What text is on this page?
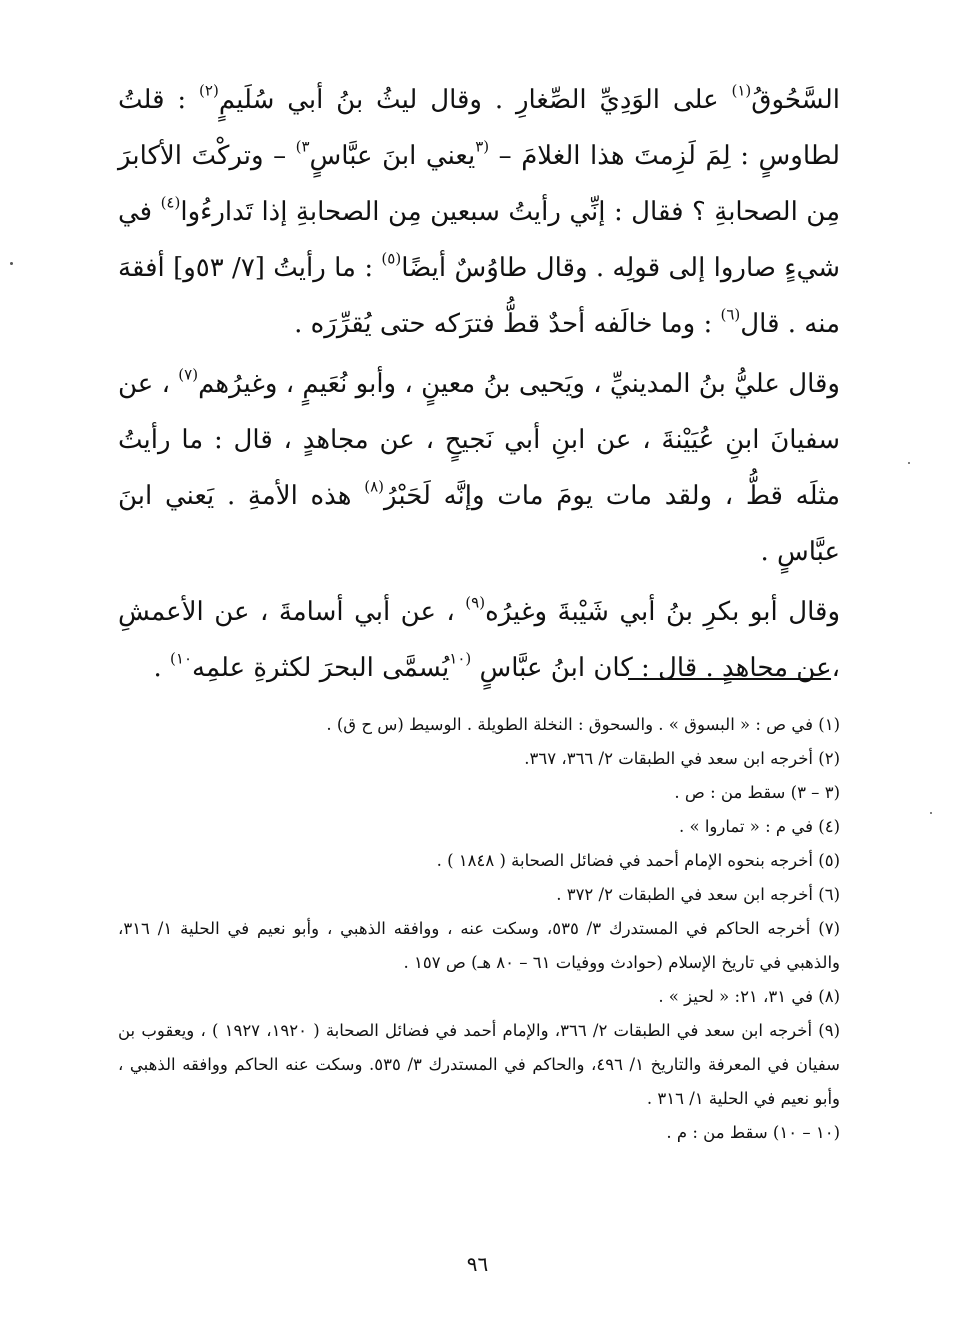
السَّحُوقُ$^{(١)}$ على الوَدِيِّ الصِّغارِ . وقال ليثُ بنُ أبي سُلَيمٍ$^{(٢)}$ : قلتُ لطاوسٍ : لِمَ لَزِمتَ هذا الغلامَ – $^{(٣}$يعني ابنَ عبَّاسٍ$^{٣)}$ – وتركْتَ الأكابرَ مِن الصحابةِ ؟ فقال : إنِّي رأيتُ سبعين مِن الصحابةِ إذا تَدارءُوا$^{(٤)}$ في شيءٍ صاروا إلى قولِه . وقال طاوُسٌ أيضًا$^{(٥)}$ : ما رأيتُ [٧/ ٥٣و] أفقهَ منه . قال$^{(٦)}$ : وما خالَفه أحدٌ قطُّ فترَكه حتى يُقرِّرَه .

وقال عليُّ بنُ المدينيِّ ، ويَحيى بنُ معينٍ ، وأبو نُعَيمٍ ، وغيرُهم$^{(٧)}$ ، عن سفيانَ ابنِ عُيَيْنةَ ، عن ابنِ أبي نَجيحٍ ، عن مجاهدٍ ، قال : ما رأيتُ مثلَه قطُّ ، ولقد مات يومَ مات وإنَّه لَحَبْرُ$^{(٨)}$ هذه الأمةِ . يَعني ابنَ عبَّاسٍ .

وقال أبو بكرِ بنُ أبي شَيْبةَ وغيرُه$^{(٩)}$ ، عن أبي أسامةَ ، عن الأعمشِ ،عن مجاهدٍ . قال : كان ابنُ عبَّاسٍ $^{(١٠}$يُسمَّى البحرَ لكثرةِ علمِه$^{١٠)}$ .

(١) في ص : « البسوق » . والسحوق : النخلة الطويلة . الوسيط (س ح ق) .
(٢) أخرجه ابن سعد في الطبقات ٢/ ٣٦٦، ٣٦٧.
(٣ – ٣) سقط من : ص .
(٤) في م : « تماروا » .
(٥) أخرجه بنحوه الإمام أحمد في فضائل الصحابة ( ١٨٤٨ ) .
(٦) أخرجه ابن سعد في الطبقات ٢/ ٣٧٢ .
(٧) أخرجه الحاكم في المستدرك ٣/ ٥٣٥، وسكت عنه ، ووافقه الذهبي ، وأبو نعيم في الحلية ١/ ٣١٦، والذهبي في تاريخ الإسلام (حوادث ووفيات ٦١ – ٨٠ هـ) ص ١٥٧ .
(٨) في ٣١، ٢١: « لحيز » .
(٩) أخرجه ابن سعد في الطبقات ٢/ ٣٦٦، والإمام أحمد في فضائل الصحابة ( ١٩٢٠، ١٩٢٧ ) ، ويعقوب بن سفيان في المعرفة والتاريخ ١/ ٤٩٦، والحاكم في المستدرك ٣/ ٥٣٥. وسكت عنه الحاكم ووافقه الذهبي ، وأبو نعيم في الحلية ١/ ٣١٦ .
(١٠ – ١٠) سقط من : م .
٩٦
